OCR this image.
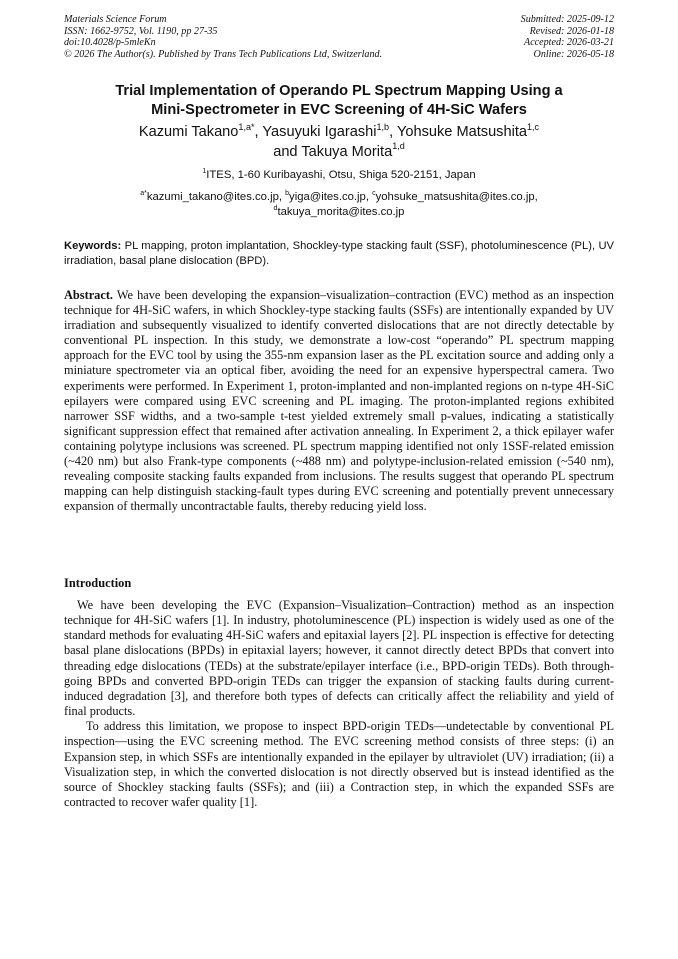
Materials Science Forum
ISSN: 1662-9752, Vol. 1190, pp 27-35
doi:10.4028/p-5mleKn
© 2026 The Author(s). Published by Trans Tech Publications Ltd, Switzerland.
Submitted: 2025-09-12
Revised: 2026-01-18
Accepted: 2026-03-21
Online: 2026-05-18
Trial Implementation of Operando PL Spectrum Mapping Using a
Mini-Spectrometer in EVC Screening of 4H-SiC Wafers
Kazumi Takano$^{1,a*}$, Yasuyuki Igarashi$^{1,b}$, Yohsuke Matsushita$^{1,c}$
and Takuya Morita$^{1,d}$
$^1$ITES, 1-60 Kuribayashi, Otsu, Shiga 520-2151, Japan
$^{a*}$kazumi_takano@ites.co.jp, $^b$yiga@ites.co.jp, $^c$yohsuke_matsushita@ites.co.jp,
$^d$takuya_morita@ites.co.jp
Keywords: PL mapping, proton implantation, Shockley-type stacking fault (SSF), photoluminescence (PL), UV irradiation, basal plane dislocation (BPD).
Abstract. We have been developing the expansion–visualization–contraction (EVC) method as an inspection technique for 4H-SiC wafers, in which Shockley-type stacking faults (SSFs) are intentionally expanded by UV irradiation and subsequently visualized to identify converted dislocations that are not directly detectable by conventional PL inspection. In this study, we demonstrate a low-cost “operando” PL spectrum mapping approach for the EVC tool by using the 355-nm expansion laser as the PL excitation source and adding only a miniature spectrometer via an optical fiber, avoiding the need for an expensive hyperspectral camera. Two experiments were performed. In Experiment 1, proton-implanted and non-implanted regions on n-type 4H-SiC epilayers were compared using EVC screening and PL imaging. The proton-implanted regions exhibited narrower SSF widths, and a two-sample t-test yielded extremely small p-values, indicating a statistically significant suppression effect that remained after activation annealing. In Experiment 2, a thick epilayer wafer containing polytype inclusions was screened. PL spectrum mapping identified not only 1SSF-related emission (~420 nm) but also Frank-type components (~488 nm) and polytype-inclusion-related emission (~540 nm), revealing composite stacking faults expanded from inclusions. The results suggest that operando PL spectrum mapping can help distinguish stacking-fault types during EVC screening and potentially prevent unnecessary expansion of thermally uncontractable faults, thereby reducing yield loss.
Introduction

We have been developing the EVC (Expansion–Visualization–Contraction) method as an inspection technique for 4H-SiC wafers [1]. In industry, photoluminescence (PL) inspection is widely used as one of the standard methods for evaluating 4H-SiC wafers and epitaxial layers [2]. PL inspection is effective for detecting basal plane dislocations (BPDs) in epitaxial layers; however, it cannot directly detect BPDs that convert into threading edge dislocations (TEDs) at the substrate/epilayer interface (i.e., BPD-origin TEDs). Both through-going BPDs and converted BPD-origin TEDs can trigger the expansion of stacking faults during current-induced degradation [3], and therefore both types of defects can critically affect the reliability and yield of final products.

To address this limitation, we propose to inspect BPD-origin TEDs—undetectable by conventional PL inspection—using the EVC screening method. The EVC screening method consists of three steps: (i) an Expansion step, in which SSFs are intentionally expanded in the epilayer by ultraviolet (UV) irradiation; (ii) a Visualization step, in which the converted dislocation is not directly observed but is instead identified as the source of Shockley stacking faults (SSFs); and (iii) a Contraction step, in which the expanded SSFs are contracted to recover wafer quality [1].
